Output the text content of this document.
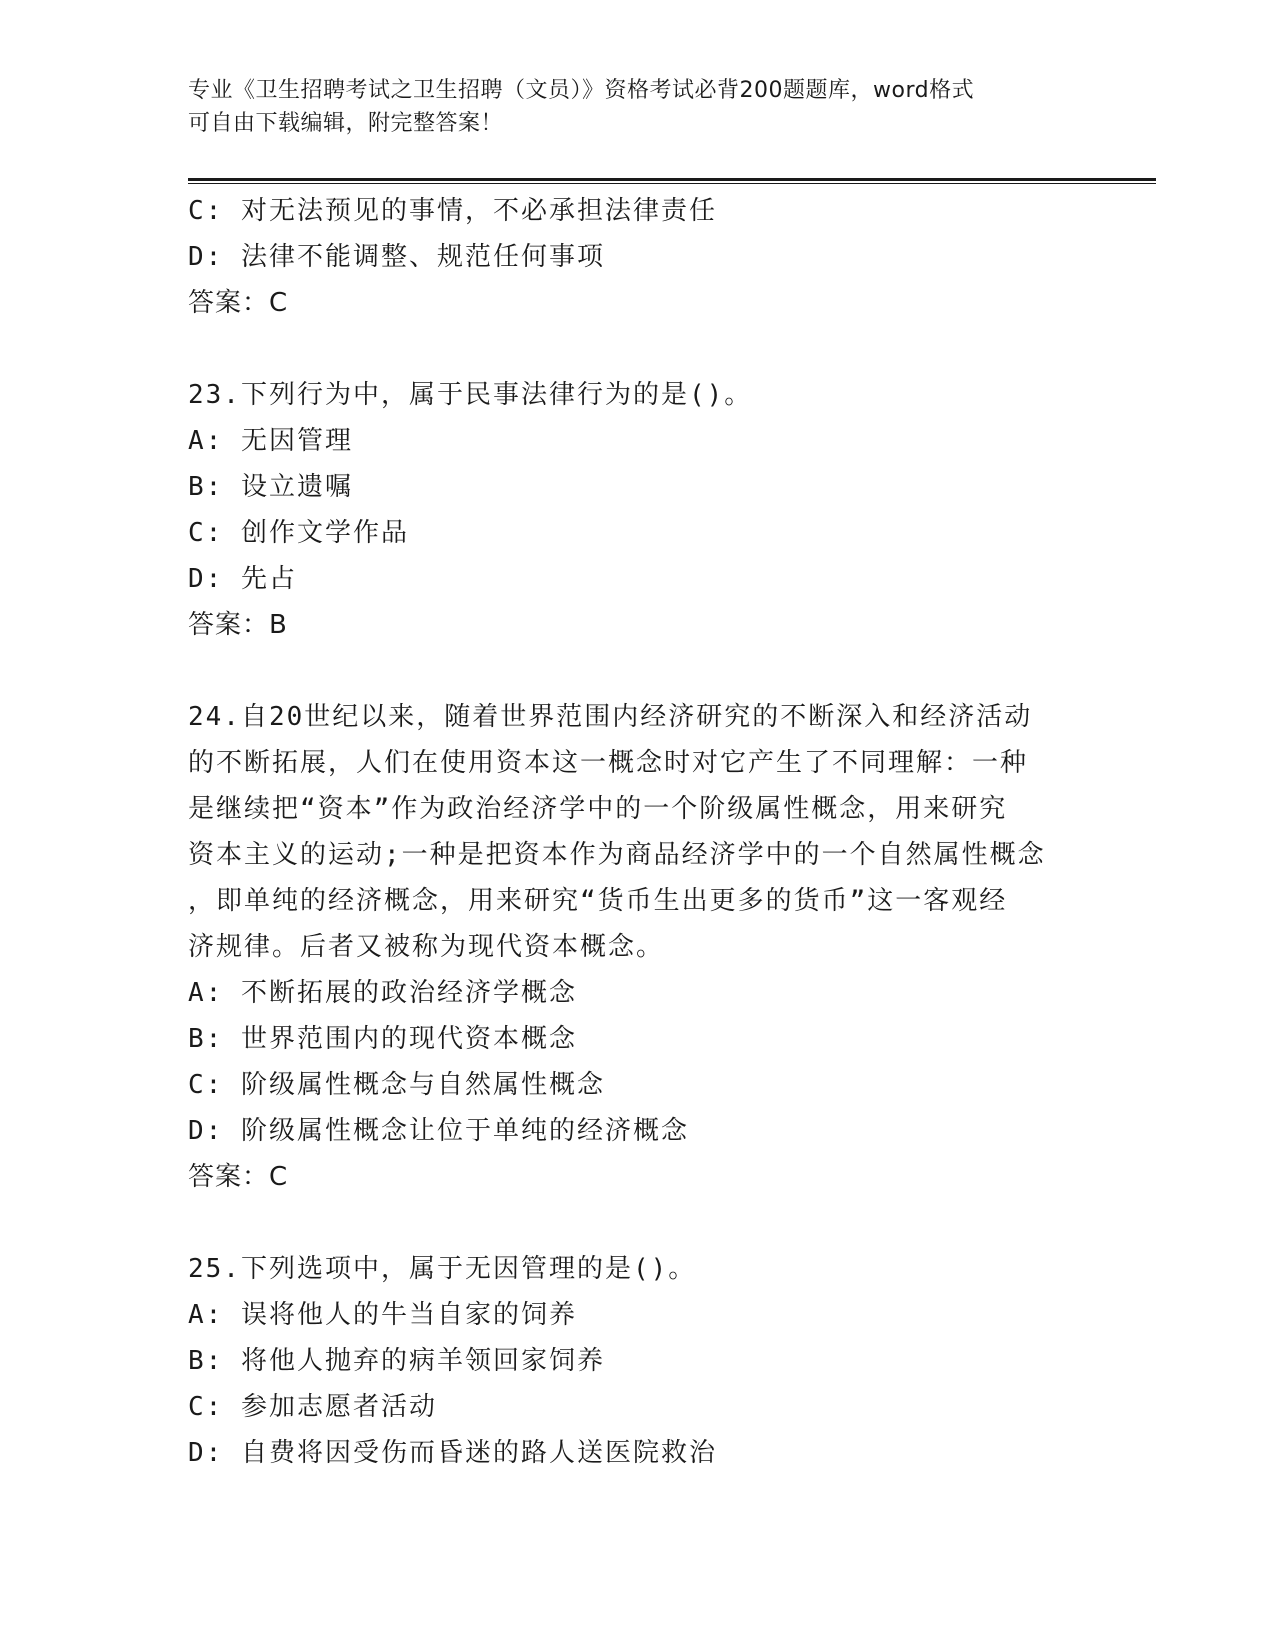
专业《卫生招聘考试之卫生招聘（文员）》资格考试必背200题题库，word格式
可自由下载编辑，附完整答案！
C: 对无法预见的事情，不必承担法律责任
D: 法律不能调整、规范任何事项
答案：C
23.下列行为中，属于民事法律行为的是()。
A: 无因管理
B: 设立遗嘱
C: 创作文学作品
D: 先占
答案：B
24.自20世纪以来，随着世界范围内经济研究的不断深入和经济活动
的不断拓展，人们在使用资本这一概念时对它产生了不同理解：一种
是继续把“资本”作为政治经济学中的一个阶级属性概念，用来研究
资本主义的运动;一种是把资本作为商品经济学中的一个自然属性概念
，即单纯的经济概念，用来研究“货币生出更多的货币”这一客观经
济规律。后者又被称为现代资本概念。
A: 不断拓展的政治经济学概念
B: 世界范围内的现代资本概念
C: 阶级属性概念与自然属性概念
D: 阶级属性概念让位于单纯的经济概念
答案：C
25.下列选项中，属于无因管理的是()。
A: 误将他人的牛当自家的饲养
B: 将他人抛弃的病羊领回家饲养
C: 参加志愿者活动
D: 自费将因受伤而昏迷的路人送医院救治
